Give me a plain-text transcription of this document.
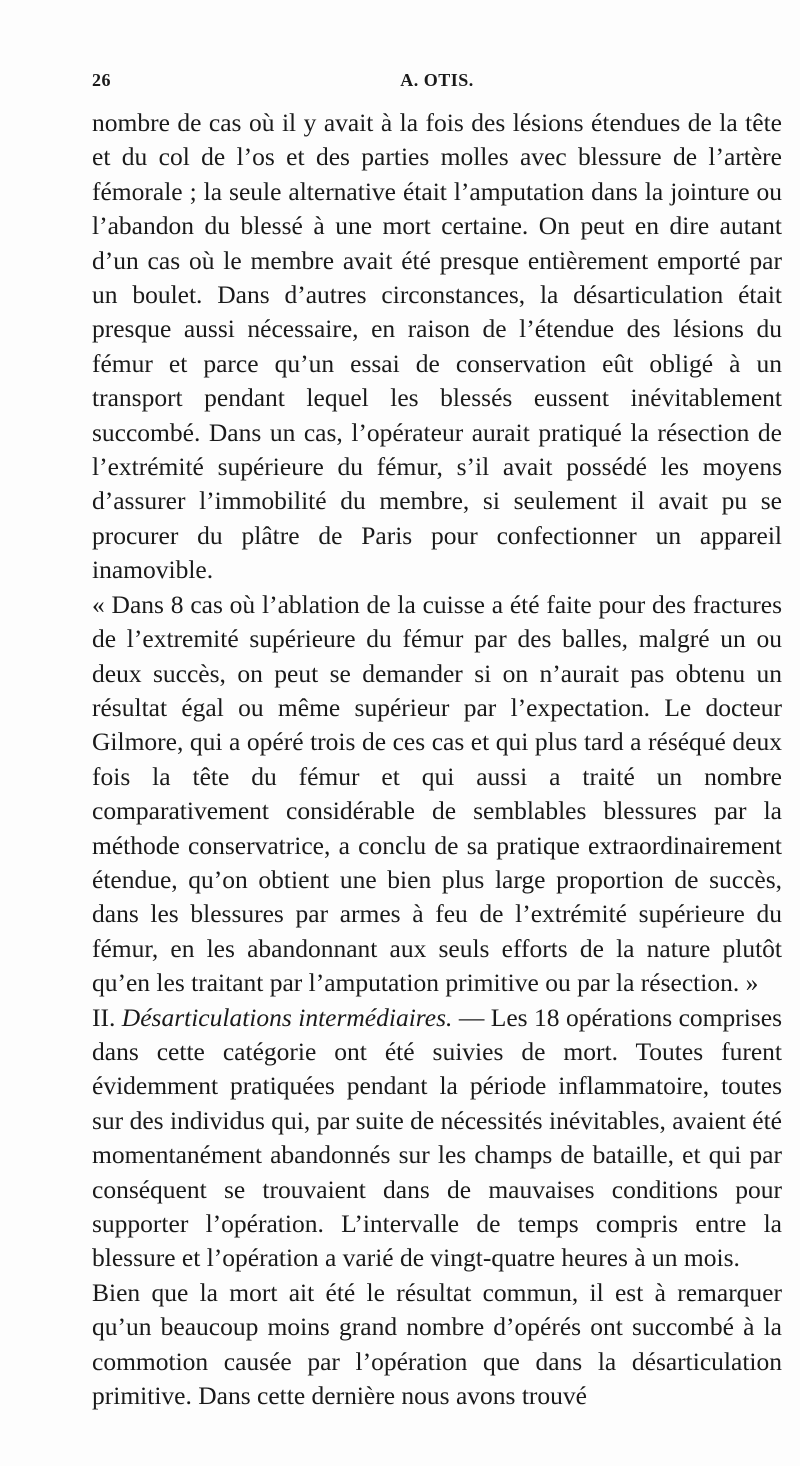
26	A. OTIS.

nombre de cas où il y avait à la fois des lésions étendues de la tête et du col de l’os et des parties molles avec blessure de l’artère fémorale ; la seule alternative était l’amputation dans la jointure ou l’abandon du blessé à une mort certaine. On peut en dire autant d’un cas où le membre avait été presque entièrement emporté par un boulet. Dans d’autres circonstances, la désarticulation était presque aussi nécessaire, en raison de l’étendue des lésions du fémur et parce qu’un essai de conservation eût obligé à un transport pendant lequel les blessés eussent inévitablement succombé. Dans un cas, l’opérateur aurait pratiqué la résection de l’extrémité supérieure du fémur, s’il avait possédé les moyens d’assurer l’immobilité du membre, si seulement il avait pu se procurer du plâtre de Paris pour confectionner un appareil inamovible.

« Dans 8 cas où l’ablation de la cuisse a été faite pour des fractures de l’extremité supérieure du fémur par des balles, malgré un ou deux succès, on peut se demander si on n’aurait pas obtenu un résultat égal ou même supérieur par l’expectation. Le docteur Gilmore, qui a opéré trois de ces cas et qui plus tard a réséqué deux fois la tête du fémur et qui aussi a traité un nombre comparativement considérable de semblables blessures par la méthode conservatrice, a conclu de sa pratique extraordinairement étendue, qu’on obtient une bien plus large proportion de succès, dans les blessures par armes à feu de l’extrémité supérieure du fémur, en les abandonnant aux seuls efforts de la nature plutôt qu’en les traitant par l’amputation primitive ou par la résection. »

II. Désarticulations intermédiaires. — Les 18 opérations comprises dans cette catégorie ont été suivies de mort. Toutes furent évidemment pratiquées pendant la période inflammatoire, toutes sur des individus qui, par suite de nécessités inévitables, avaient été momentanément abandonnés sur les champs de bataille, et qui par conséquent se trouvaient dans de mauvaises conditions pour supporter l’opération. L’intervalle de temps compris entre la blessure et l’opération a varié de vingt-quatre heures à un mois.

Bien que la mort ait été le résultat commun, il est à remarquer qu’un beaucoup moins grand nombre d’opérés ont succombé à la commotion causée par l’opération que dans la désarticulation primitive. Dans cette dernière nous avons trouvé
